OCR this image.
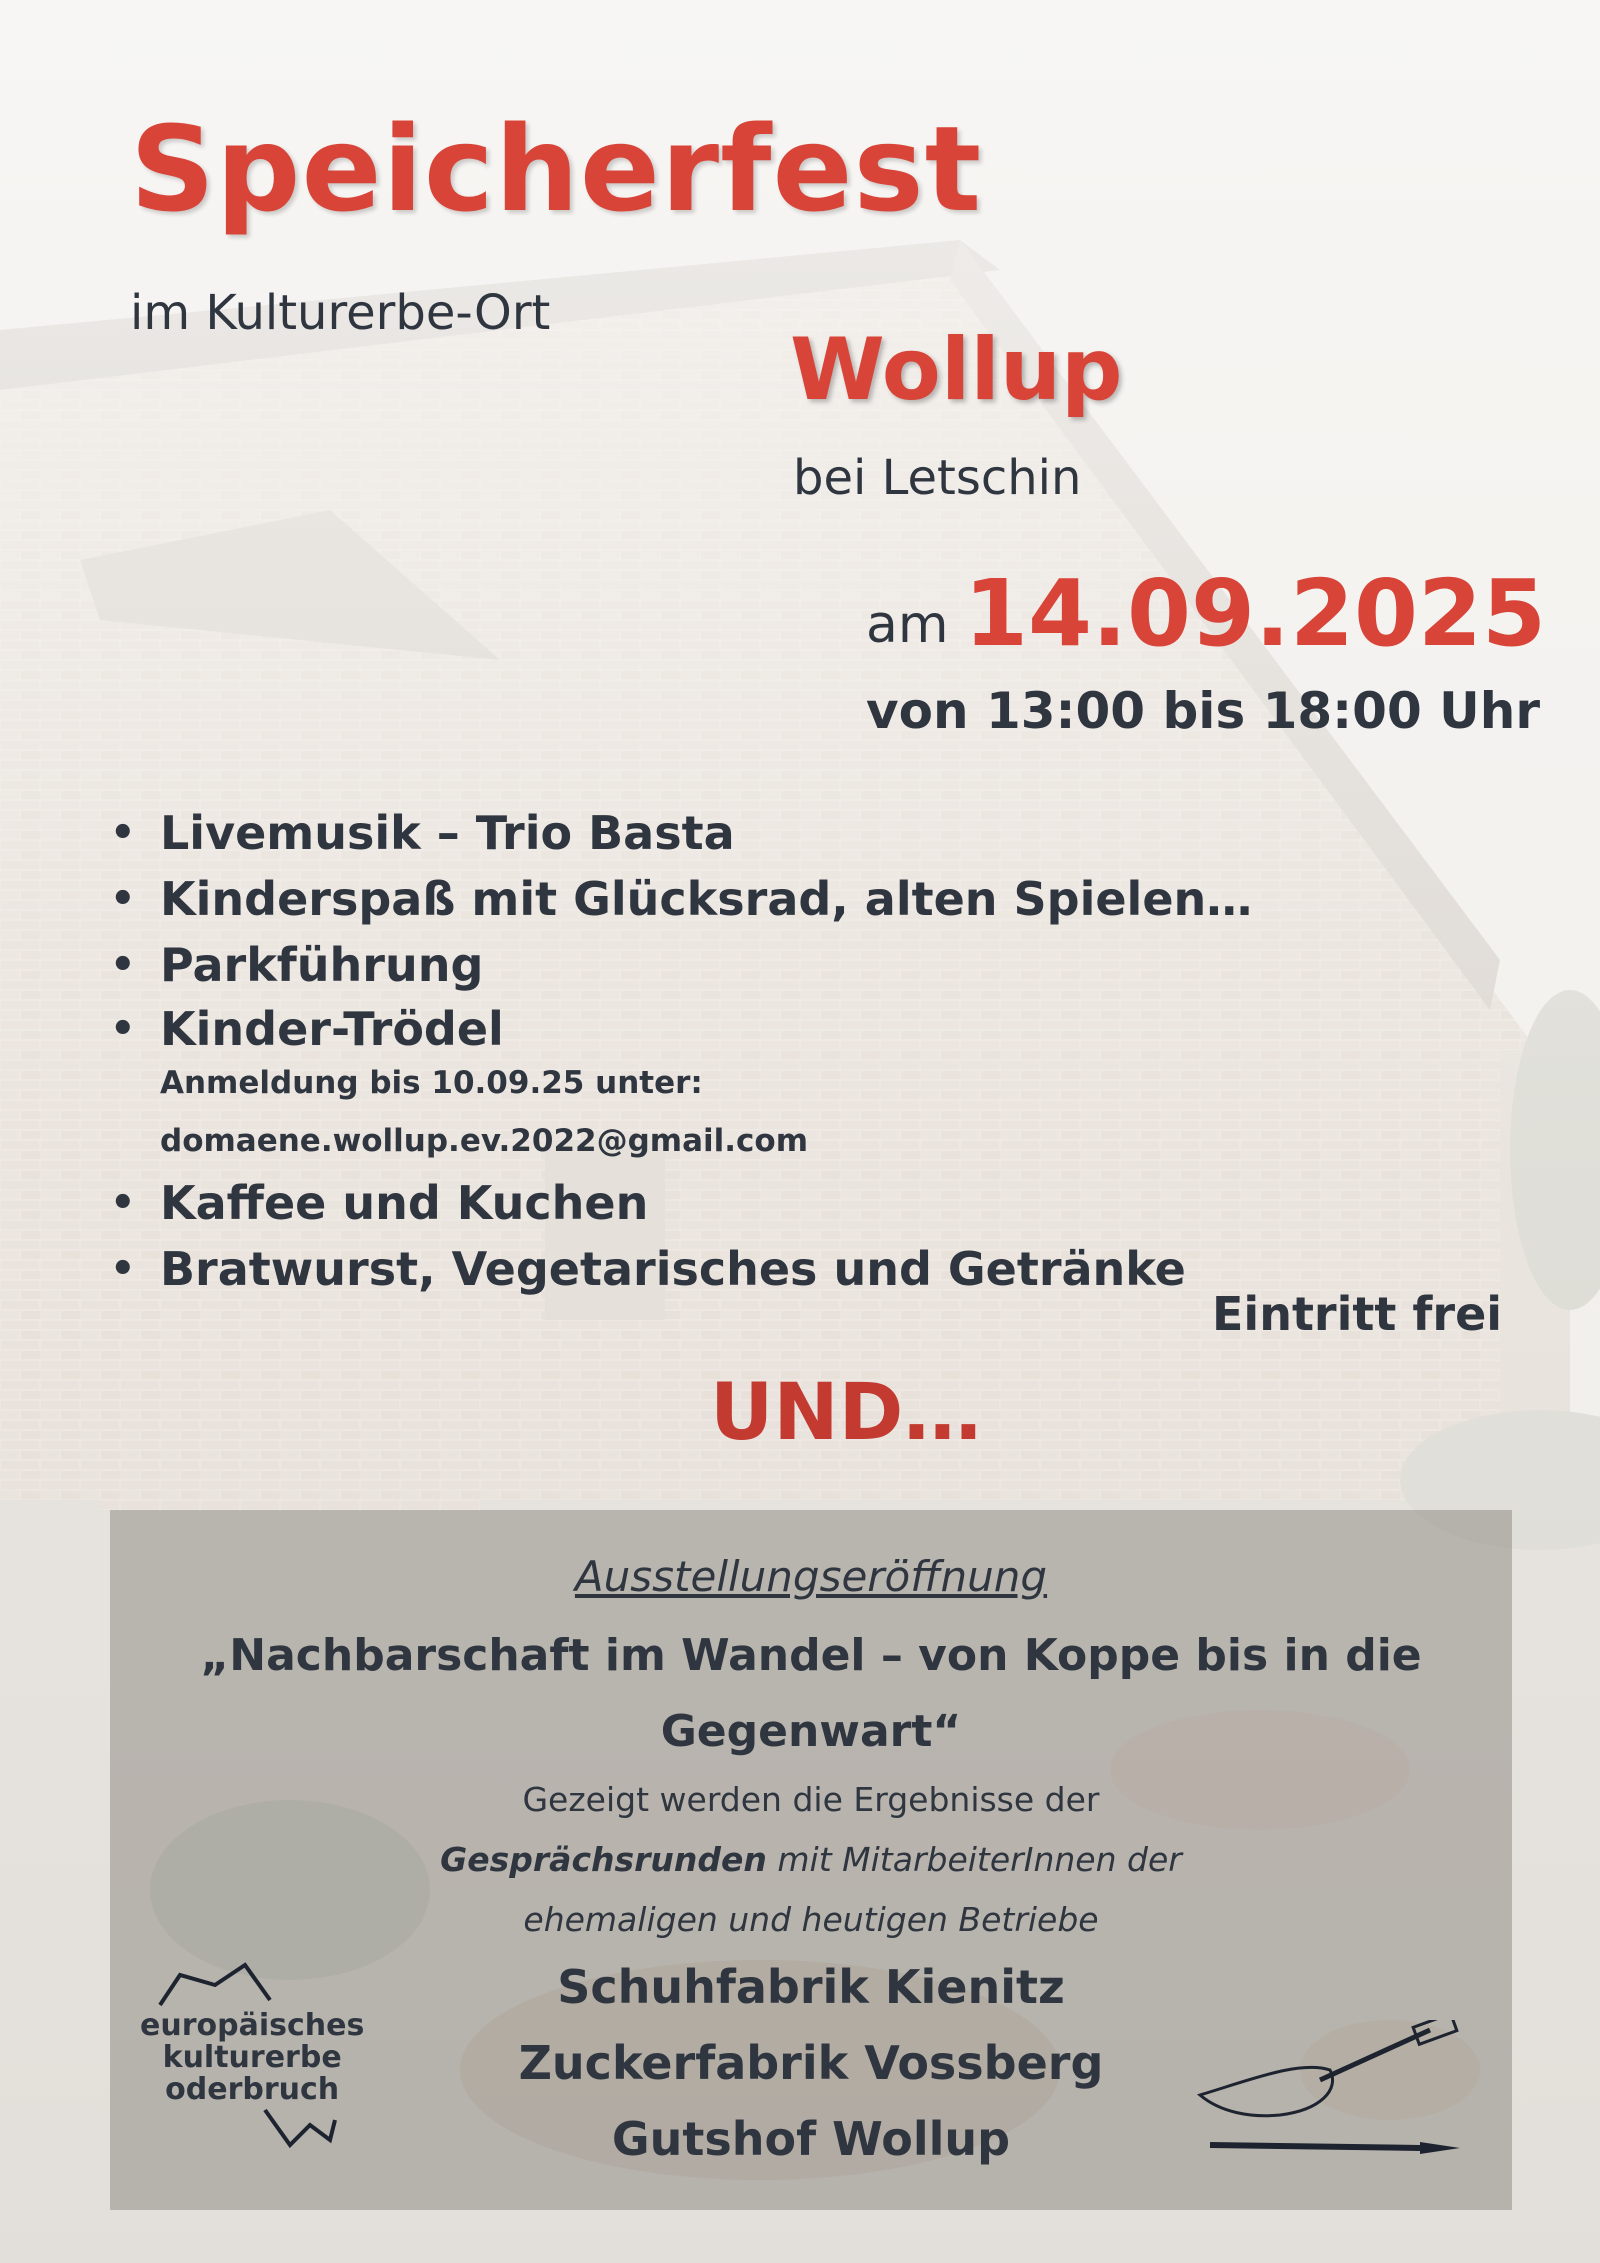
Speicherfest
im Kulturerbe-Ort
Wollup
bei Letschin
am 14.09.2025
von 13:00 bis 18:00 Uhr
• Livemusik – Trio Basta
• Kinderspaß mit Glücksrad, alten Spielen…
• Parkführung
• Kinder-Trödel
Anmeldung bis 10.09.25 unter:
domaene.wollup.ev.2022@gmail.com
• Kaffee und Kuchen
• Bratwurst, Vegetarisches und Getränke
Eintritt frei
UND…
Ausstellungseröffnung
„Nachbarschaft im Wandel – von Koppe bis in die
Gegenwart“
Gezeigt werden die Ergebnisse der
Gesprächsrunden mit MitarbeiterInnen der
ehemaligen und heutigen Betriebe
Schuhfabrik Kienitz
Zuckerfabrik Vossberg
Gutshof Wollup
europäisches
kulturerbe
oderbruch
